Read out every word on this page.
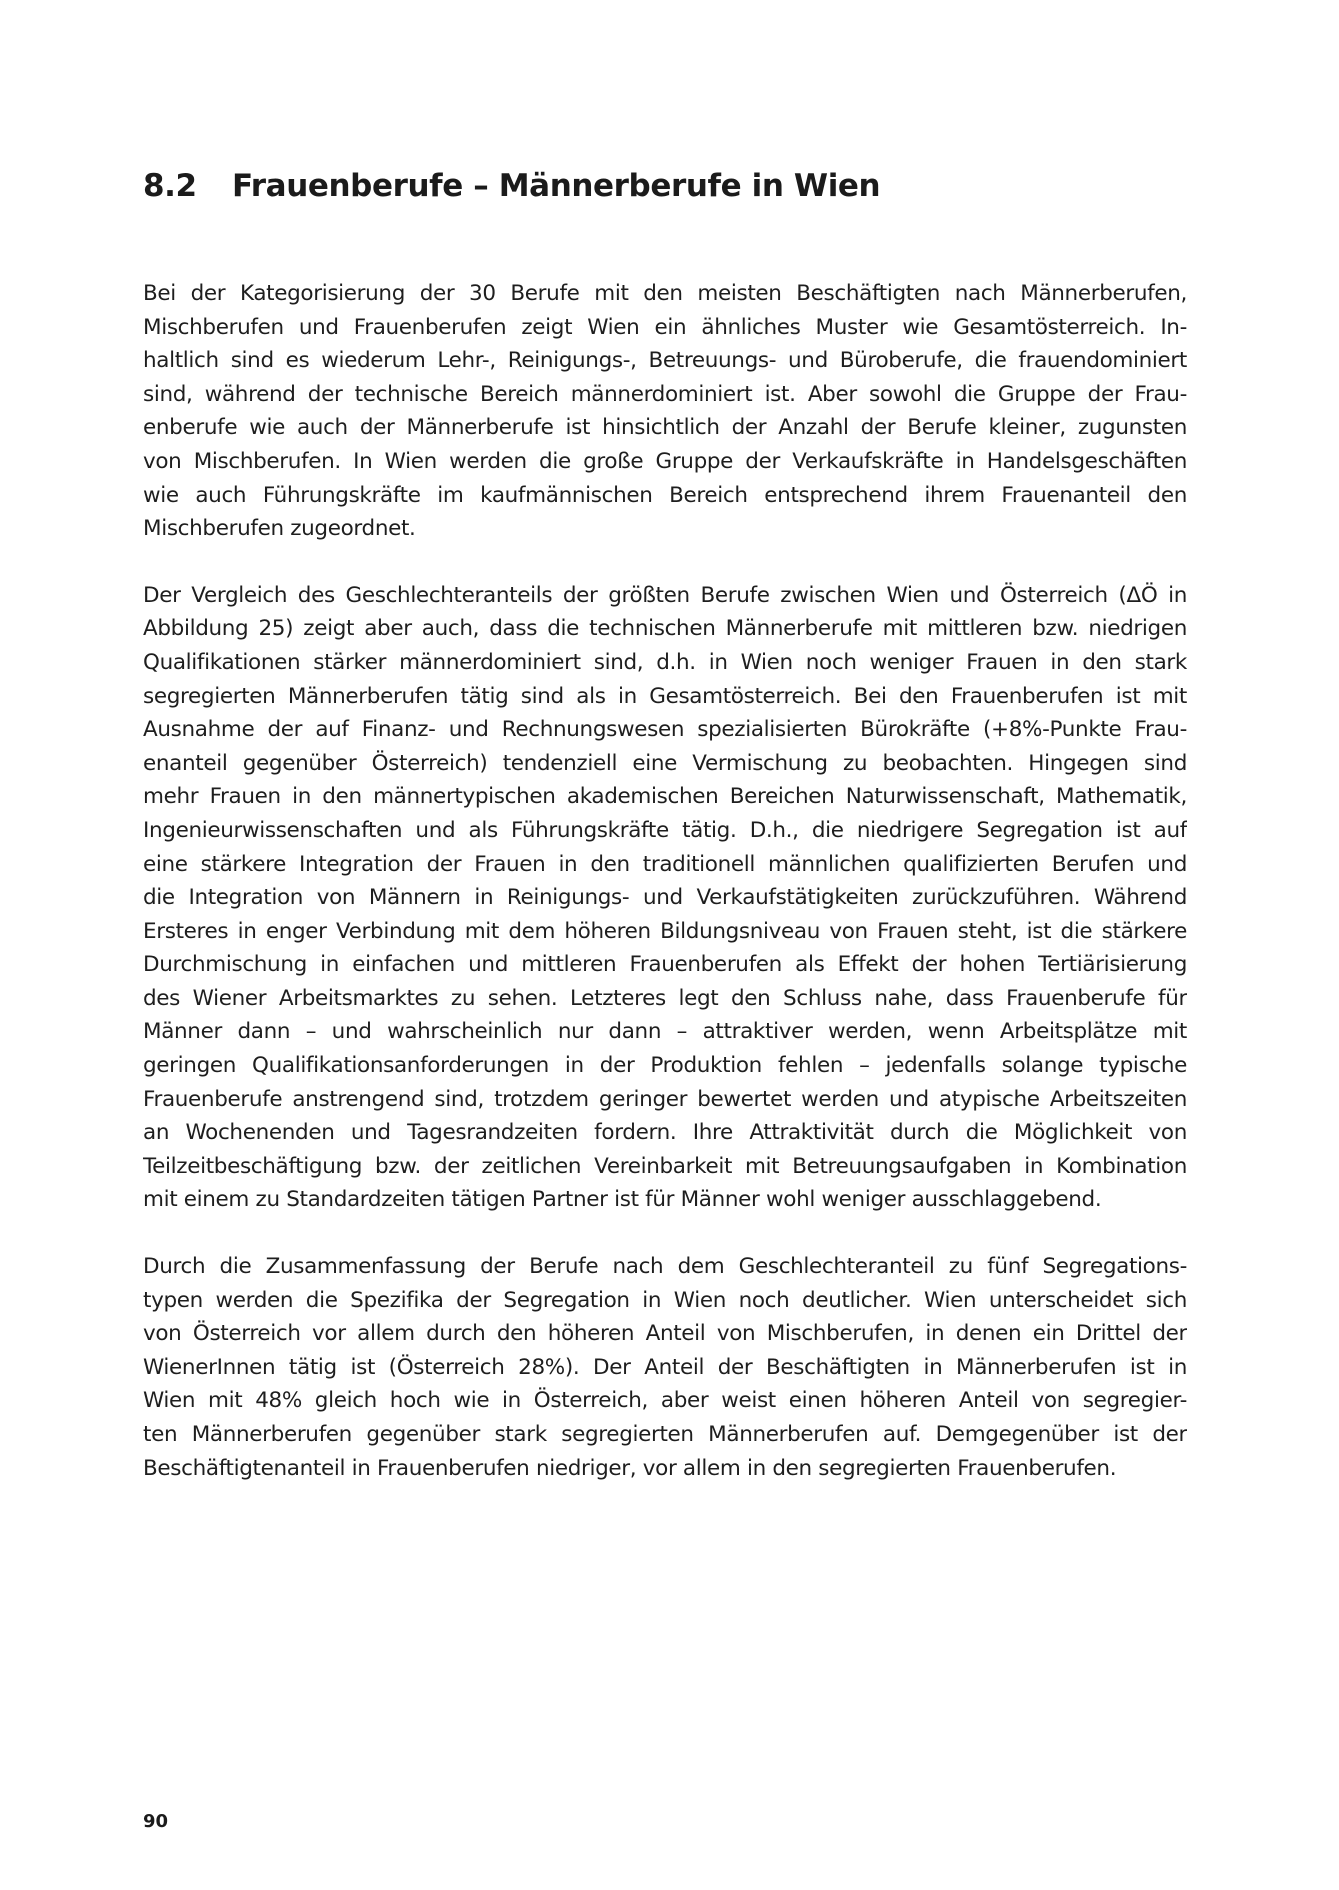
8.2 Frauenberufe – Männerberufe in Wien

Bei der Kategorisierung der 30 Berufe mit den meisten Beschäftigten nach Männerberufen,
Mischberufen und Frauenberufen zeigt Wien ein ähnliches Muster wie Gesamtösterreich. In-
haltlich sind es wiederum Lehr-, Reinigungs-, Betreuungs- und Büroberufe, die frauendominiert
sind, während der technische Bereich männerdominiert ist. Aber sowohl die Gruppe der Frau-
enberufe wie auch der Männerberufe ist hinsichtlich der Anzahl der Berufe kleiner, zugunsten
von Mischberufen. In Wien werden die große Gruppe der Verkaufskräfte in Handelsgeschäften
wie auch Führungskräfte im kaufmännischen Bereich entsprechend ihrem Frauenanteil den
Mischberufen zugeordnet.

Der Vergleich des Geschlechteranteils der größten Berufe zwischen Wien und Österreich (ΔÖ in
Abbildung 25) zeigt aber auch, dass die technischen Männerberufe mit mittleren bzw. niedrigen
Qualifikationen stärker männerdominiert sind, d.h. in Wien noch weniger Frauen in den stark
segregierten Männerberufen tätig sind als in Gesamtösterreich. Bei den Frauenberufen ist mit
Ausnahme der auf Finanz- und Rechnungswesen spezialisierten Bürokräfte (+8%-Punkte Frau-
enanteil gegenüber Österreich) tendenziell eine Vermischung zu beobachten. Hingegen sind
mehr Frauen in den männertypischen akademischen Bereichen Naturwissenschaft, Mathematik,
Ingenieurwissenschaften und als Führungskräfte tätig. D.h., die niedrigere Segregation ist auf
eine stärkere Integration der Frauen in den traditionell männlichen qualifizierten Berufen und
die Integration von Männern in Reinigungs- und Verkaufstätigkeiten zurückzuführen. Während
Ersteres in enger Verbindung mit dem höheren Bildungsniveau von Frauen steht, ist die stärkere
Durchmischung in einfachen und mittleren Frauenberufen als Effekt der hohen Tertiärisierung
des Wiener Arbeitsmarktes zu sehen. Letzteres legt den Schluss nahe, dass Frauenberufe für
Männer dann – und wahrscheinlich nur dann – attraktiver werden, wenn Arbeitsplätze mit
geringen Qualifikationsanforderungen in der Produktion fehlen – jedenfalls solange typische
Frauenberufe anstrengend sind, trotzdem geringer bewertet werden und atypische Arbeitszeiten
an Wochenenden und Tagesrandzeiten fordern. Ihre Attraktivität durch die Möglichkeit von
Teilzeitbeschäftigung bzw. der zeitlichen Vereinbarkeit mit Betreuungsaufgaben in Kombination
mit einem zu Standardzeiten tätigen Partner ist für Männer wohl weniger ausschlaggebend.

Durch die Zusammenfassung der Berufe nach dem Geschlechteranteil zu fünf Segregations-
typen werden die Spezifika der Segregation in Wien noch deutlicher. Wien unterscheidet sich
von Österreich vor allem durch den höheren Anteil von Mischberufen, in denen ein Drittel der
WienerInnen tätig ist (Österreich 28%). Der Anteil der Beschäftigten in Männerberufen ist in
Wien mit 48% gleich hoch wie in Österreich, aber weist einen höheren Anteil von segregier-
ten Männerberufen gegenüber stark segregierten Männerberufen auf. Demgegenüber ist der
Beschäftigtenanteil in Frauenberufen niedriger, vor allem in den segregierten Frauenberufen.

90
